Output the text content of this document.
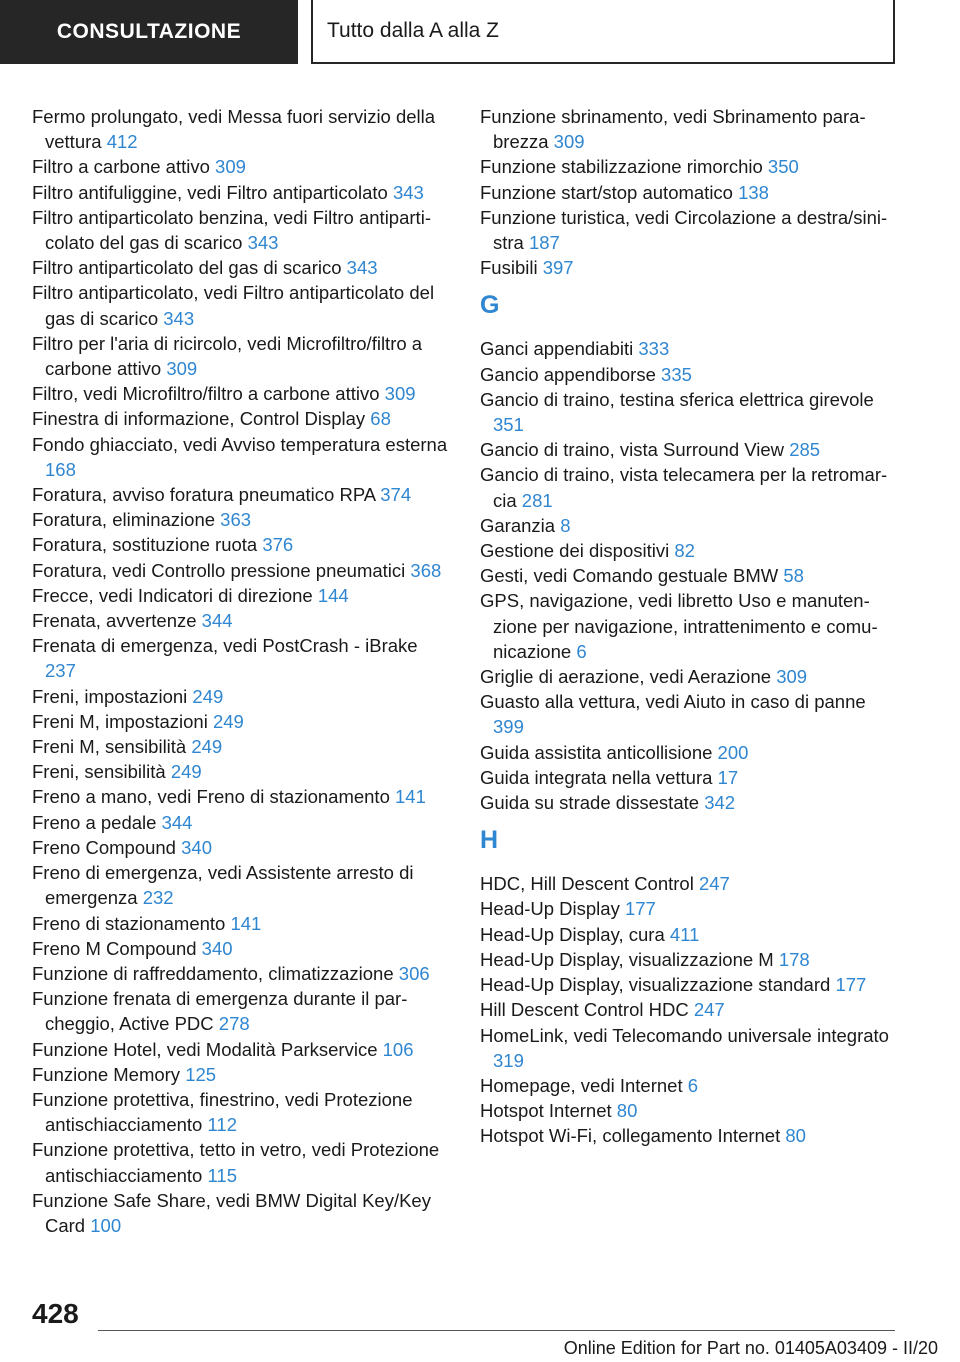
CONSULTAZIONE	Tutto dalla A alla Z
Fermo prolungato, vedi Messa fuori servizio della vettura 412
Filtro a carbone attivo 309
Filtro antifuliggine, vedi Filtro antiparticolato 343
Filtro antiparticolato benzina, vedi Filtro antiparticolato del gas di scarico 343
Filtro antiparticolato del gas di scarico 343
Filtro antiparticolato, vedi Filtro antiparticolato del gas di scarico 343
Filtro per l'aria di ricircolo, vedi Microfiltro/filtro a carbone attivo 309
Filtro, vedi Microfiltro/filtro a carbone attivo 309
Finestra di informazione, Control Display 68
Fondo ghiacciato, vedi Avviso temperatura esterna 168
Foratura, avviso foratura pneumatico RPA 374
Foratura, eliminazione 363
Foratura, sostituzione ruota 376
Foratura, vedi Controllo pressione pneumatici 368
Frecce, vedi Indicatori di direzione 144
Frenata, avvertenze 344
Frenata di emergenza, vedi PostCrash - iBrake 237
Freni, impostazioni 249
Freni M, impostazioni 249
Freni M, sensibilità 249
Freni, sensibilità 249
Freno a mano, vedi Freno di stazionamento 141
Freno a pedale 344
Freno Compound 340
Freno di emergenza, vedi Assistente arresto di emergenza 232
Freno di stazionamento 141
Freno M Compound 340
Funzione di raffreddamento, climatizzazione 306
Funzione frenata di emergenza durante il parcheggio, Active PDC 278
Funzione Hotel, vedi Modalità Parkservice 106
Funzione Memory 125
Funzione protettiva, finestrino, vedi Protezione antischiacciamento 112
Funzione protettiva, tetto in vetro, vedi Protezione antischiacciamento 115
Funzione Safe Share, vedi BMW Digital Key/Key Card 100
Funzione sbrinamento, vedi Sbrinamento parabrezza 309
Funzione stabilizzazione rimorchio 350
Funzione start/stop automatico 138
Funzione turistica, vedi Circolazione a destra/sinistra 187
Fusibili 397
G
Ganci appendiabiti 333
Gancio appendiborse 335
Gancio di traino, testina sferica elettrica girevole 351
Gancio di traino, vista Surround View 285
Gancio di traino, vista telecamera per la retromarcia 281
Garanzia 8
Gestione dei dispositivi 82
Gesti, vedi Comando gestuale BMW 58
GPS, navigazione, vedi libretto Uso e manutenzione per navigazione, intrattenimento e comunicazione 6
Griglie di aerazione, vedi Aerazione 309
Guasto alla vettura, vedi Aiuto in caso di panne 399
Guida assistita anticollisione 200
Guida integrata nella vettura 17
Guida su strade dissestate 342
H
HDC, Hill Descent Control 247
Head-Up Display 177
Head-Up Display, cura 411
Head-Up Display, visualizzazione M 178
Head-Up Display, visualizzazione standard 177
Hill Descent Control HDC 247
HomeLink, vedi Telecomando universale integrato 319
Homepage, vedi Internet 6
Hotspot Internet 80
Hotspot Wi-Fi, collegamento Internet 80
428
Online Edition for Part no. 01405A03409 - II/20
